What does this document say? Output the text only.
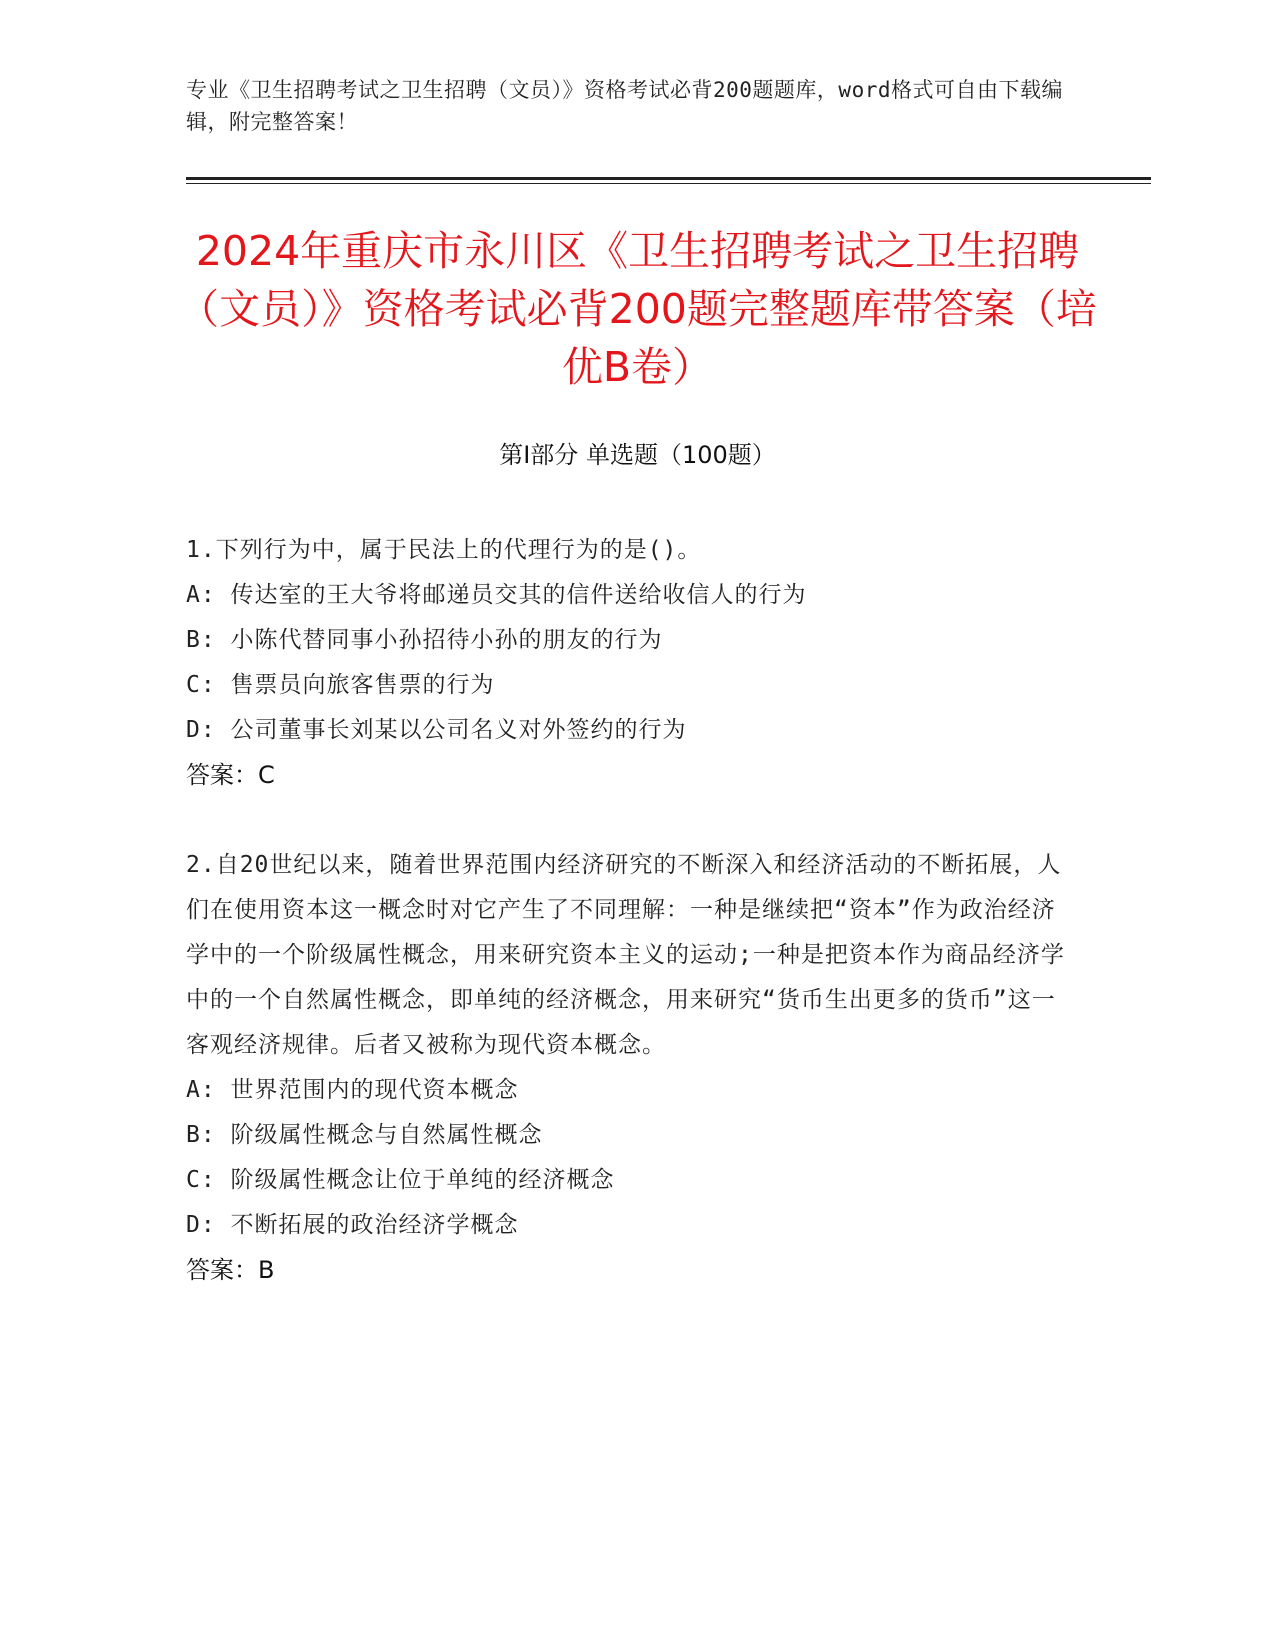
专业《卫生招聘考试之卫生招聘（文员）》资格考试必背200题题库，word格式可自由下载编辑，附完整答案！
2024年重庆市永川区《卫生招聘考试之卫生招聘（文员）》资格考试必背200题完整题库带答案（培优B卷）
第I部分 单选题（100题）

1.下列行为中，属于民法上的代理行为的是()。

A: 传达室的王大爷将邮递员交其的信件送给收信人的行为

B: 小陈代替同事小孙招待小孙的朋友的行为

C: 售票员向旅客售票的行为

D: 公司董事长刘某以公司名义对外签约的行为

答案：C

2.自20世纪以来，随着世界范围内经济研究的不断深入和经济活动的不断拓展，人们在使用资本这一概念时对它产生了不同理解：一种是继续把“资本”作为政治经济学中的一个阶级属性概念，用来研究资本主义的运动;一种是把资本作为商品经济学中的一个自然属性概念，即单纯的经济概念，用来研究“货币生出更多的货币”这一客观经济规律。后者又被称为现代资本概念。

A: 世界范围内的现代资本概念

B: 阶级属性概念与自然属性概念

C: 阶级属性概念让位于单纯的经济概念

D: 不断拓展的政治经济学概念

答案：B
